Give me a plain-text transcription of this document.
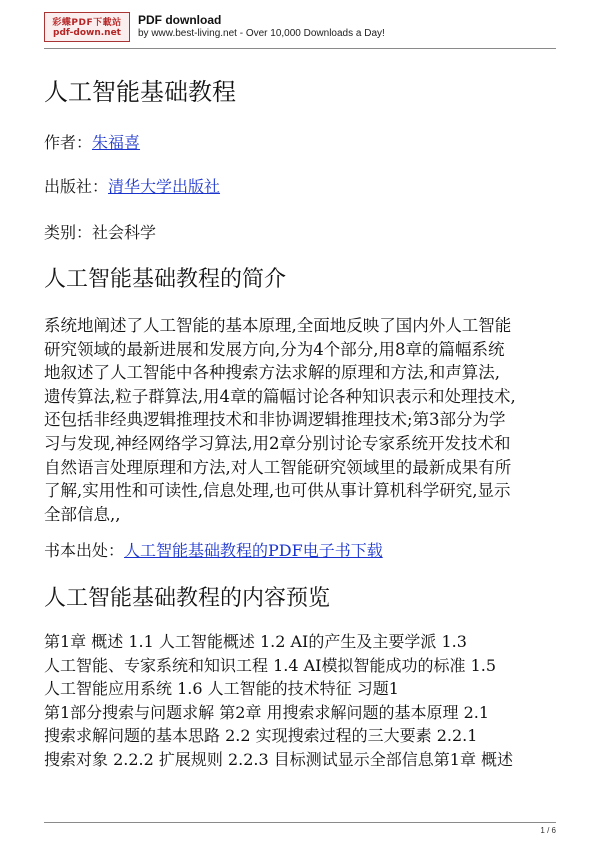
彩蝶PDF下載站
pdf-down.net
PDF download
by www.best-living.net - Over 10,000 Downloads a Day!
人工智能基础教程
作者：朱福喜
出版社：清华大学出版社
类别：社会科学
人工智能基础教程的简介
系统地阐述了人工智能的基本原理,全面地反映了国内外人工智能
研究领域的最新进展和发展方向,分为4个部分,用8章的篇幅系统
地叙述了人工智能中各种搜索方法求解的原理和方法,和声算法,
遗传算法,粒子群算法,用4章的篇幅讨论各种知识表示和处理技术,
还包括非经典逻辑推理技术和非协调逻辑推理技术;第3部分为学
习与发现,神经网络学习算法,用2章分别讨论专家系统开发技术和
自然语言处理原理和方法,对人工智能研究领域里的最新成果有所
了解,实用性和可读性,信息处理,也可供从事计算机科学研究,显示
全部信息,,
书本出处：人工智能基础教程的PDF电子书下载
人工智能基础教程的内容预览
第1章 概述 1.1 人工智能概述 1.2 AI的产生及主要学派 1.3
人工智能、专家系统和知识工程 1.4 AI模拟智能成功的标准 1.5
人工智能应用系统 1.6 人工智能的技术特征 习题1
第1部分搜索与问题求解 第2章 用搜索求解问题的基本原理 2.1
搜索求解问题的基本思路 2.2 实现搜索过程的三大要素 2.2.1
搜索对象 2.2.2 扩展规则 2.2.3 目标测试显示全部信息第1章 概述
1 / 6
